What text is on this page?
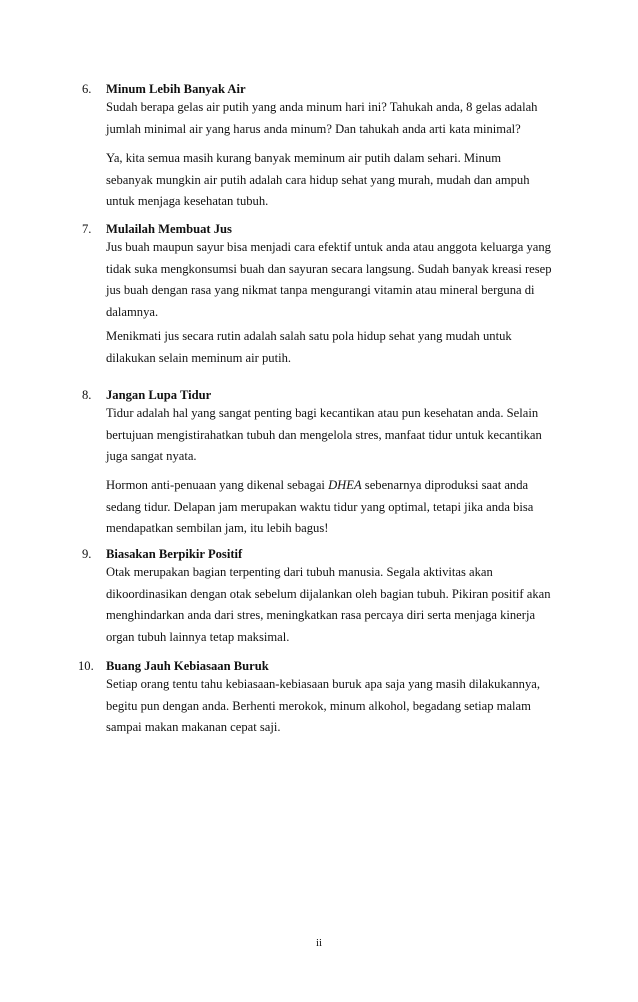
6. Minum Lebih Banyak Air
Sudah berapa gelas air putih yang anda minum hari ini? Tahukah anda, 8 gelas adalah
jumlah minimal air yang harus anda minum? Dan tahukah anda arti kata minimal?
Ya, kita semua masih kurang banyak meminum air putih dalam sehari. Minum
sebanyak mungkin air putih adalah cara hidup sehat yang murah, mudah dan ampuh
untuk menjaga kesehatan tubuh.
7. Mulailah Membuat Jus
Jus buah maupun sayur bisa menjadi cara efektif untuk anda atau anggota keluarga yang
tidak suka mengkonsumsi buah dan sayuran secara langsung. Sudah banyak kreasi resep
jus buah dengan rasa yang nikmat tanpa mengurangi vitamin atau mineral berguna di
dalamnya.
Menikmati jus secara rutin adalah salah satu pola hidup sehat yang mudah untuk
dilakukan selain meminum air putih.
8. Jangan Lupa Tidur
Tidur adalah hal yang sangat penting bagi kecantikan atau pun kesehatan anda. Selain
bertujuan mengistirahatkan tubuh dan mengelola stres, manfaat tidur untuk kecantikan
juga sangat nyata.
Hormon anti-penuaan yang dikenal sebagai DHEA sebenarnya diproduksi saat anda
sedang tidur. Delapan jam merupakan waktu tidur yang optimal, tetapi jika anda bisa
mendapatkan sembilan jam, itu lebih bagus!
9. Biasakan Berpikir Positif
Otak merupakan bagian terpenting dari tubuh manusia. Segala aktivitas akan
dikoordinasikan dengan otak sebelum dijalankan oleh bagian tubuh. Pikiran positif akan
menghindarkan anda dari stres, meningkatkan rasa percaya diri serta menjaga kinerja
organ tubuh lainnya tetap maksimal.
10. Buang Jauh Kebiasaan Buruk
Setiap orang tentu tahu kebiasaan-kebiasaan buruk apa saja yang masih dilakukannya,
begitu pun dengan anda. Berhenti merokok, minum alkohol, begadang setiap malam
sampai makan makanan cepat saji.
ii
